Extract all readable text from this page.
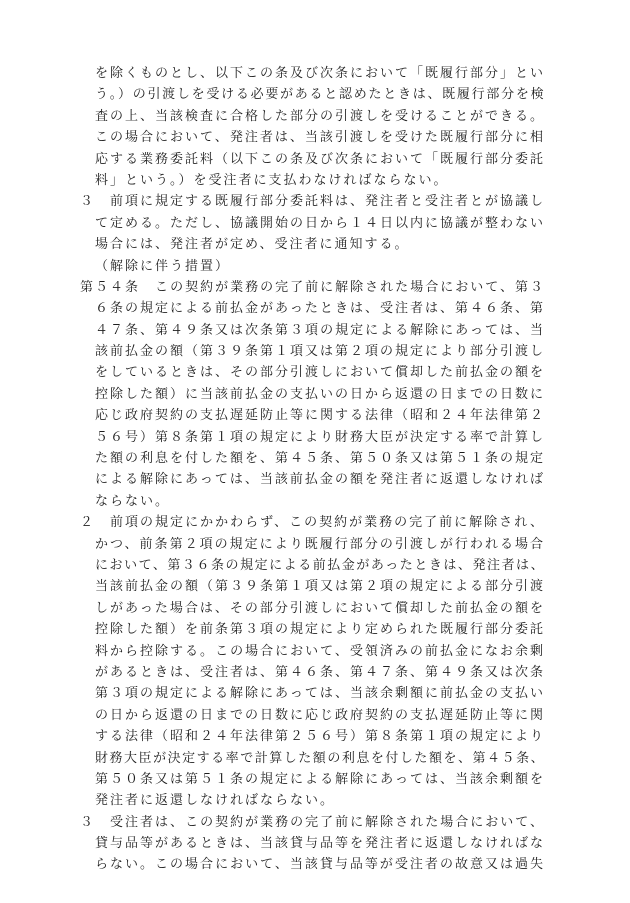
を除くものとし、以下この条及び次条において「既履行部分」とい
う。）の引渡しを受ける必要があると認めたときは、既履行部分を検
査の上、当該検査に合格した部分の引渡しを受けることができる。
この場合において、発注者は、当該引渡しを受けた既履行部分に相
応する業務委託料（以下この条及び次条において「既履行部分委託
料」という。）を受注者に支払わなければならない。
３ 前項に規定する既履行部分委託料は、発注者と受注者とが協議し
て定める。ただし、協議開始の日から１４日以内に協議が整わない
場合には、発注者が定め、受注者に通知する。
（解除に伴う措置）
第５４条 この契約が業務の完了前に解除された場合において、第３
６条の規定による前払金があったときは、受注者は、第４６条、第
４７条、第４９条又は次条第３項の規定による解除にあっては、当
該前払金の額（第３９条第１項又は第２項の規定により部分引渡し
をしているときは、その部分引渡しにおいて償却した前払金の額を
控除した額）に当該前払金の支払いの日から返還の日までの日数に
応じ政府契約の支払遅延防止等に関する法律（昭和２４年法律第２
５６号）第８条第１項の規定により財務大臣が決定する率で計算し
た額の利息を付した額を、第４５条、第５０条又は第５１条の規定
による解除にあっては、当該前払金の額を発注者に返還しなければ
ならない。
２ 前項の規定にかかわらず、この契約が業務の完了前に解除され、
かつ、前条第２項の規定により既履行部分の引渡しが行われる場合
において、第３６条の規定による前払金があったときは、発注者は、
当該前払金の額（第３９条第１項又は第２項の規定による部分引渡
しがあった場合は、その部分引渡しにおいて償却した前払金の額を
控除した額）を前条第３項の規定により定められた既履行部分委託
料から控除する。この場合において、受領済みの前払金になお余剰
があるときは、受注者は、第４６条、第４７条、第４９条又は次条
第３項の規定による解除にあっては、当該余剰額に前払金の支払い
の日から返還の日までの日数に応じ政府契約の支払遅延防止等に関
する法律（昭和２４年法律第２５６号）第８条第１項の規定により
財務大臣が決定する率で計算した額の利息を付した額を、第４５条、
第５０条又は第５１条の規定による解除にあっては、当該余剰額を
発注者に返還しなければならない。
３ 受注者は、この契約が業務の完了前に解除された場合において、
貸与品等があるときは、当該貸与品等を発注者に返還しなければな
らない。この場合において、当該貸与品等が受注者の故意又は過失
